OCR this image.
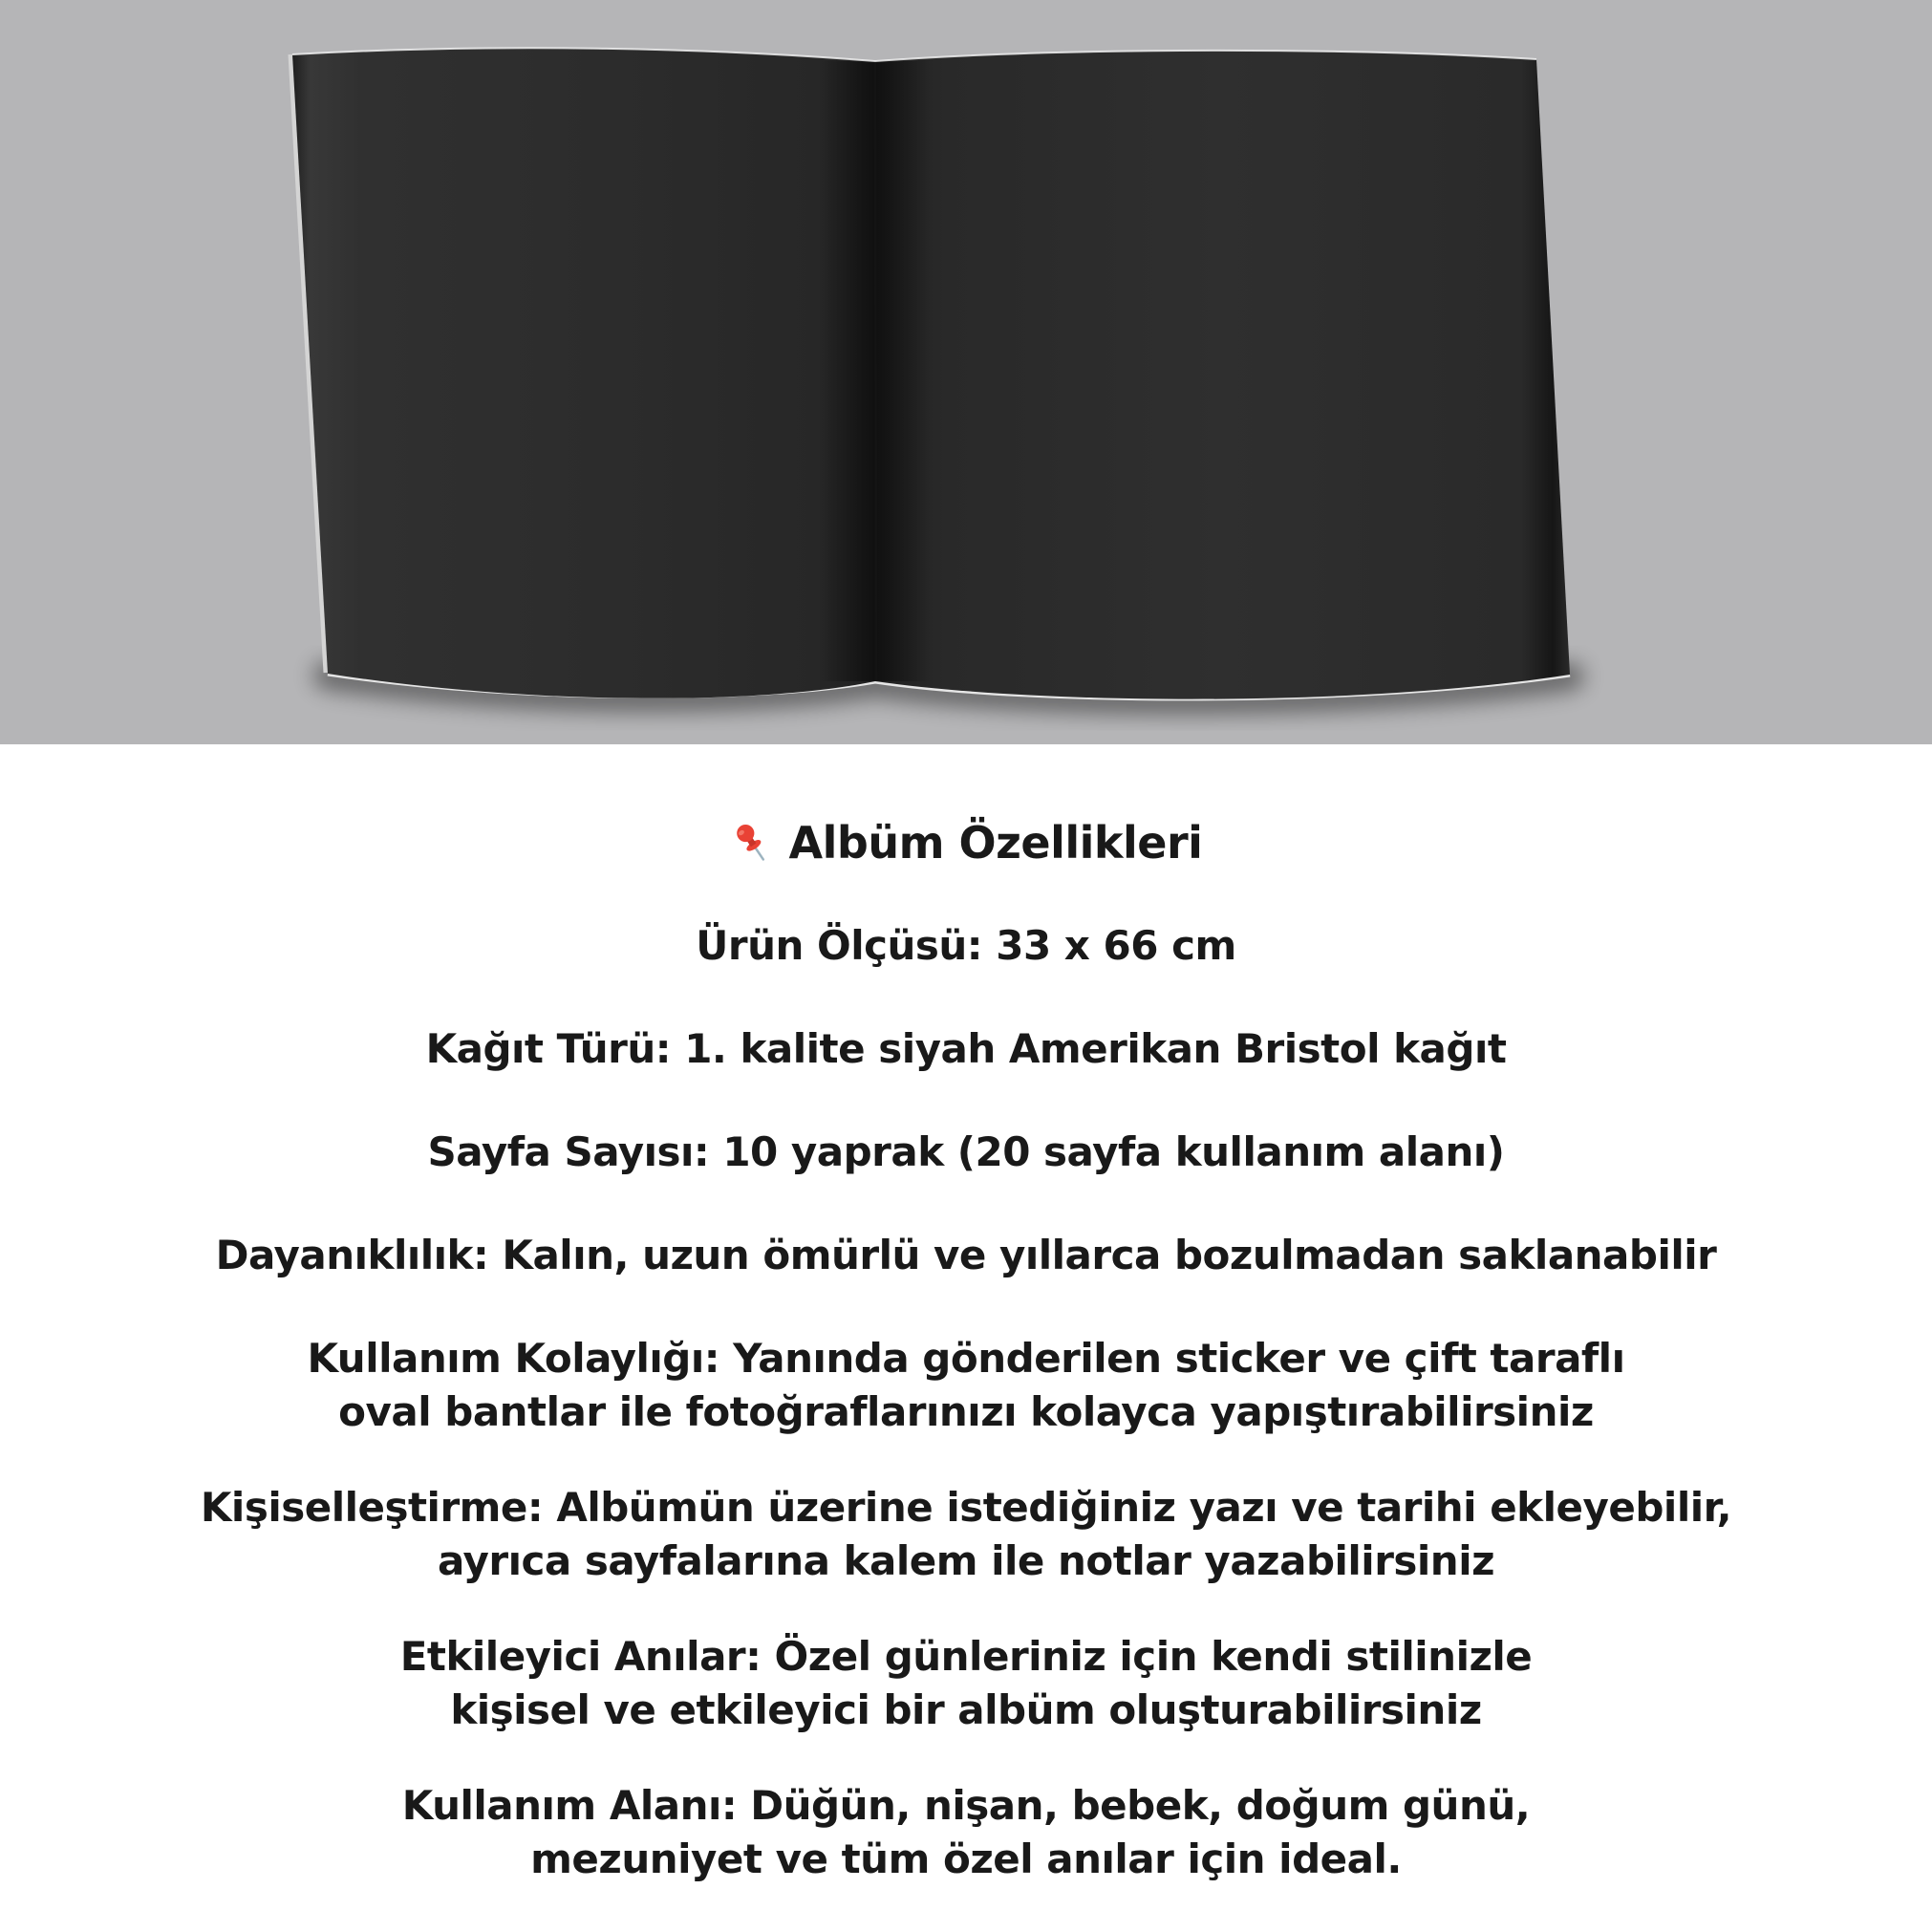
Albüm Özellikleri

Ürün Ölçüsü: 33 x 66 cm

Kağıt Türü: 1. kalite siyah Amerikan Bristol kağıt

Sayfa Sayısı: 10 yaprak (20 sayfa kullanım alanı)

Dayanıklılık: Kalın, uzun ömürlü ve yıllarca bozulmadan saklanabilir

Kullanım Kolaylığı: Yanında gönderilen sticker ve çift taraflı

oval bantlar ile fotoğraflarınızı kolayca yapıştırabilirsiniz

Kişiselleştirme: Albümün üzerine istediğiniz yazı ve tarihi ekleyebilir,

ayrıca sayfalarına kalem ile notlar yazabilirsiniz

Etkileyici Anılar: Özel günleriniz için kendi stilinizle

kişisel ve etkileyici bir albüm oluşturabilirsiniz

Kullanım Alanı: Düğün, nişan, bebek, doğum günü,

mezuniyet ve tüm özel anılar için ideal.
